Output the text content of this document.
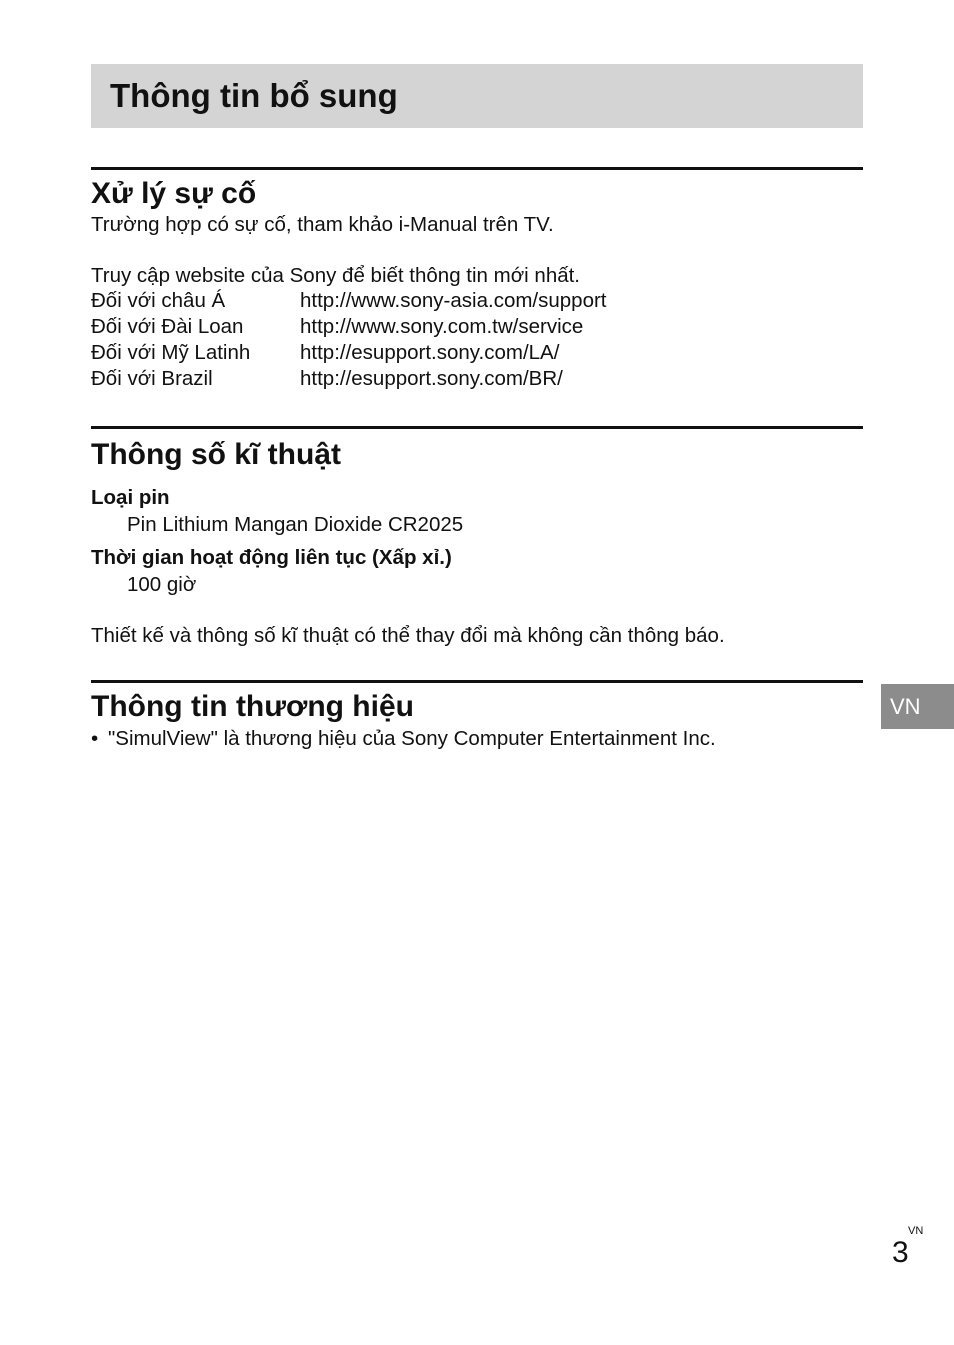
Thông tin bổ sung
Xử lý sự cố

Trường hợp có sự cố, tham khảo i-Manual trên TV.

Truy cập website của Sony để biết thông tin mới nhất.

Đối với châu Á	http://www.sony-asia.com/support
Đối với Đài Loan	http://www.sony.com.tw/service
Đối với Mỹ Latinh	http://esupport.sony.com/LA/
Đối với Brazil	http://esupport.sony.com/BR/
Thông số kĩ thuật

Loại pin

Pin Lithium Mangan Dioxide CR2025

Thời gian hoạt động liên tục (Xấp xỉ.)

100 giờ

Thiết kế và thông số kĩ thuật có thể thay đổi mà không cần thông báo.

Thông tin thương hiệu
• "SimulView" là thương hiệu của Sony Computer Entertainment Inc.
VN
VN
3
